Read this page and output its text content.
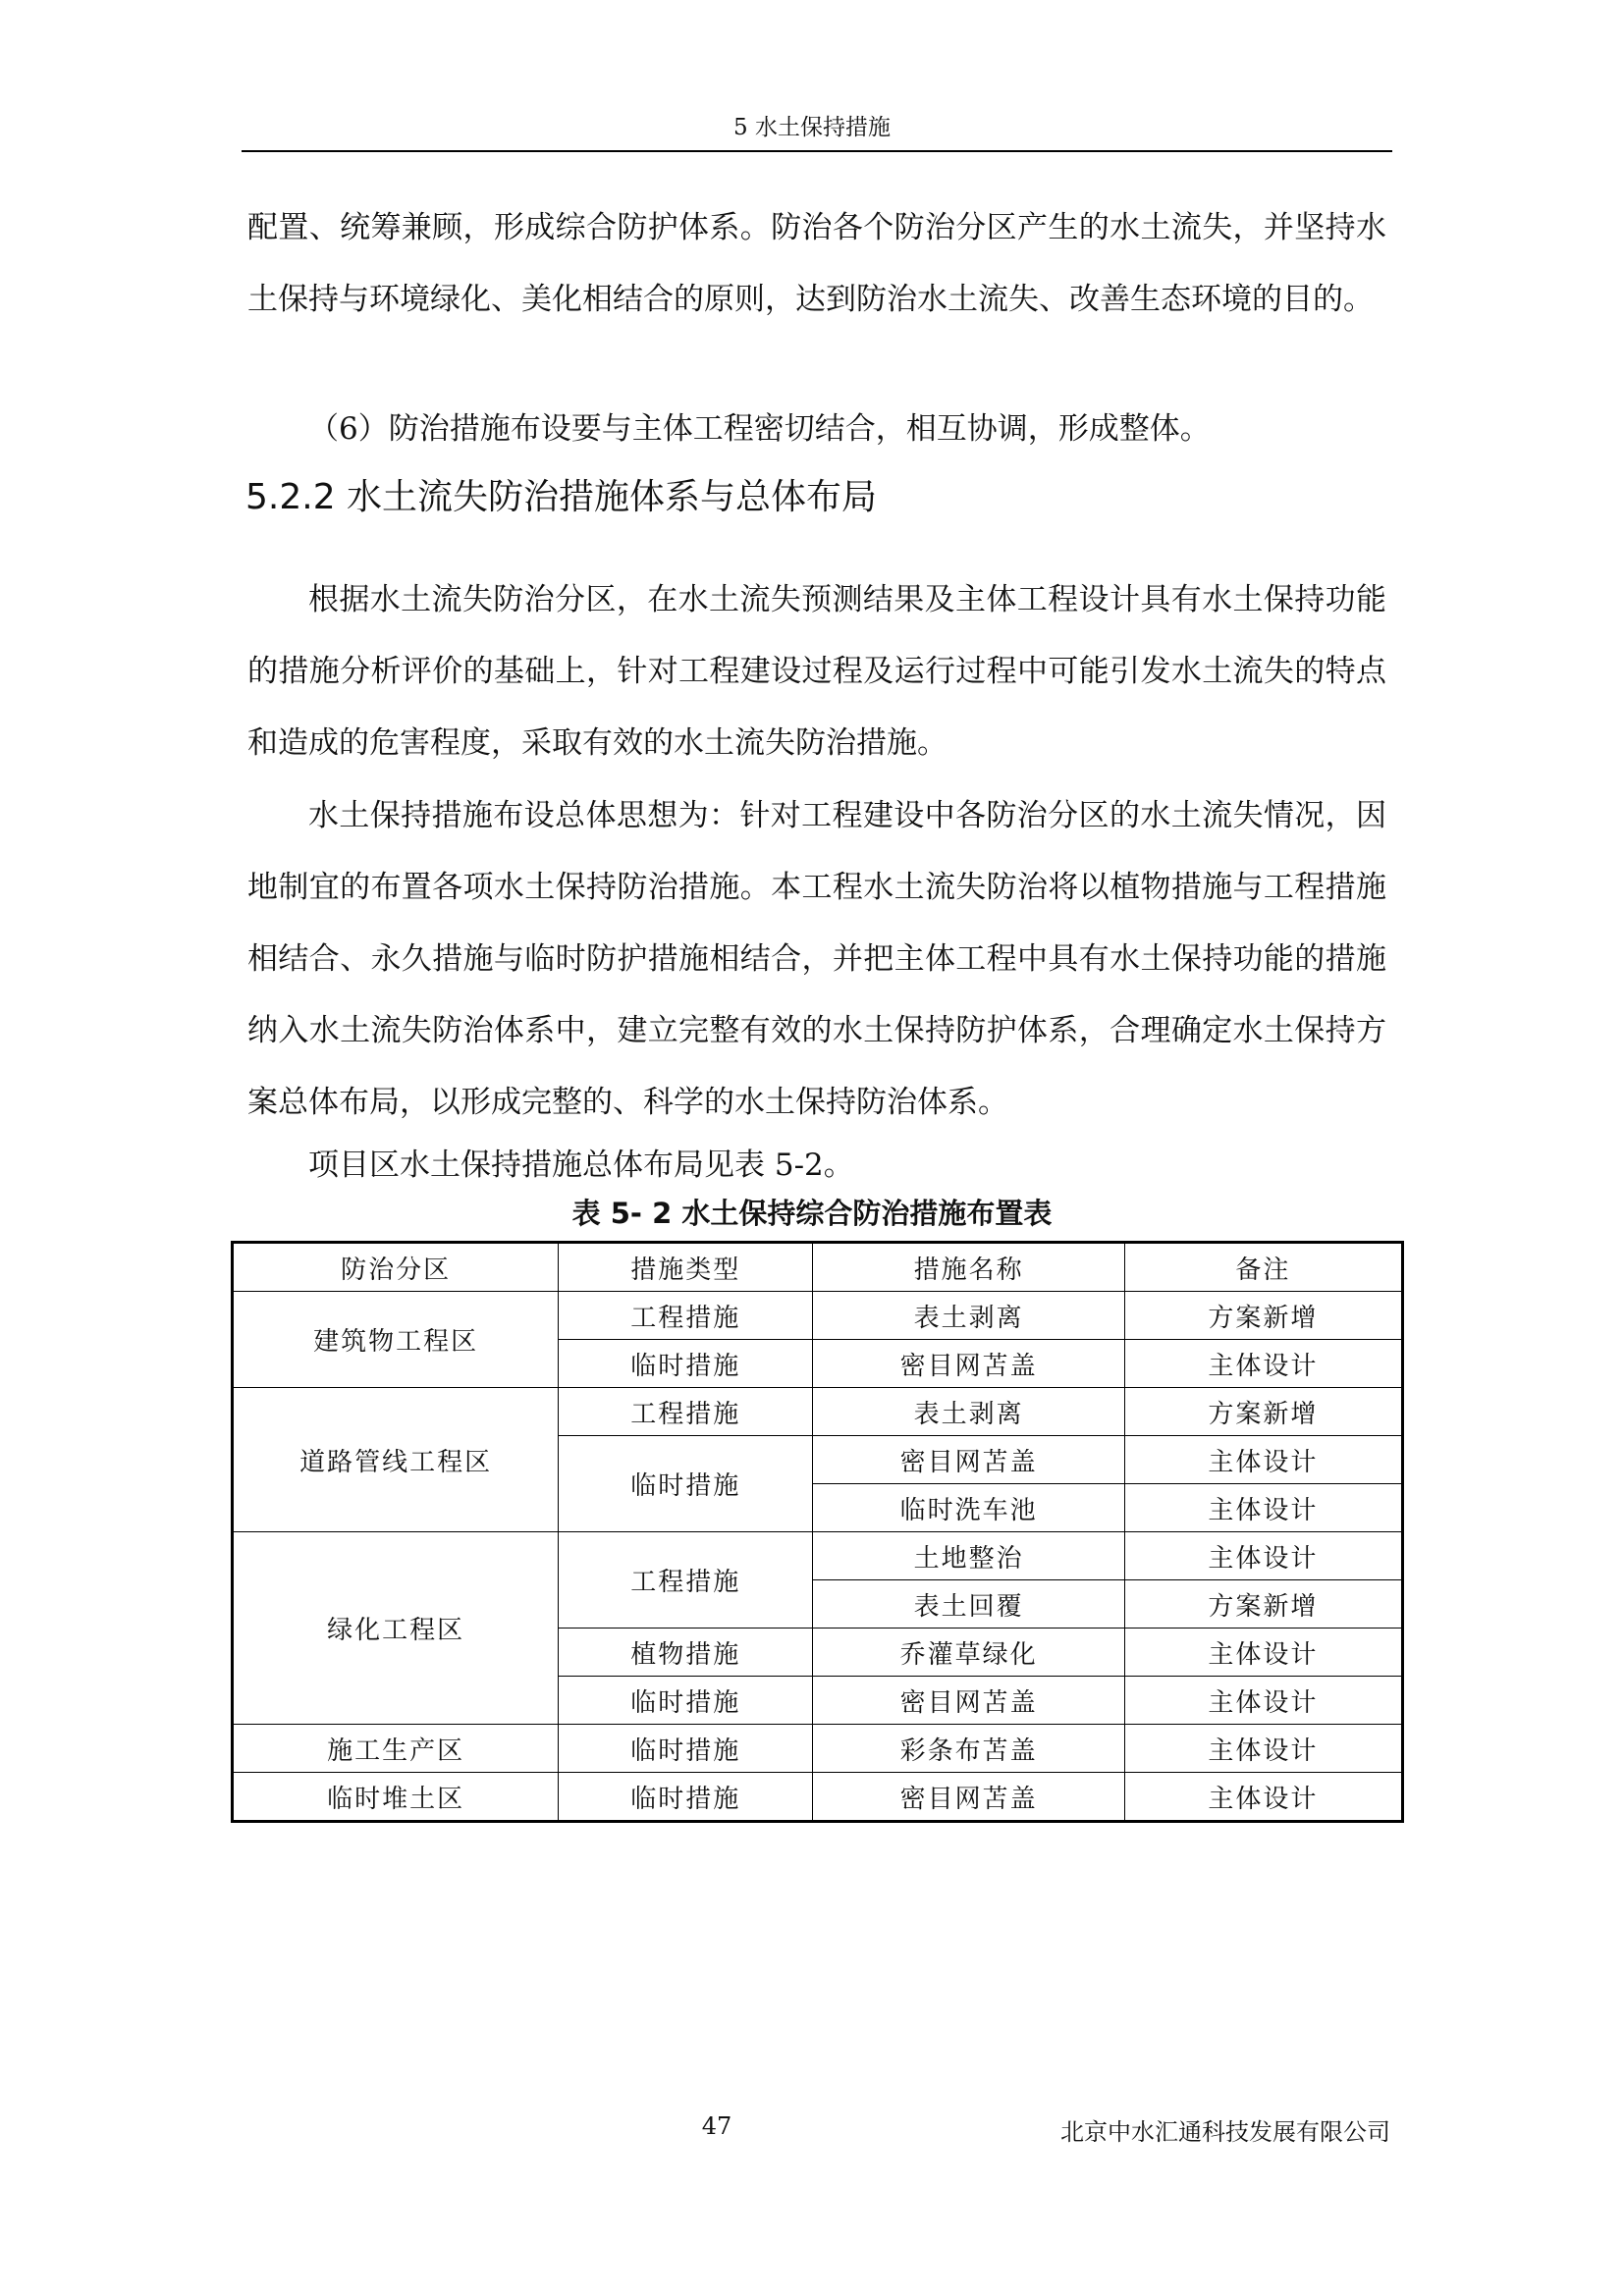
5 水土保持措施

配置、统筹兼顾，形成综合防护体系。防治各个防治分区产生的水土流失，并坚持水土保持与环境绿化、美化相结合的原则，达到防治水土流失、改善生态环境的目的。

（6）防治措施布设要与主体工程密切结合，相互协调，形成整体。

5.2.2 水土流失防治措施体系与总体布局

根据水土流失防治分区，在水土流失预测结果及主体工程设计具有水土保持功能的措施分析评价的基础上，针对工程建设过程及运行过程中可能引发水土流失的特点和造成的危害程度，采取有效的水土流失防治措施。

水土保持措施布设总体思想为：针对工程建设中各防治分区的水土流失情况，因地制宜的布置各项水土保持防治措施。本工程水土流失防治将以植物措施与工程措施相结合、永久措施与临时防护措施相结合，并把主体工程中具有水土保持功能的措施纳入水土流失防治体系中，建立完整有效的水土保持防护体系，合理确定水土保持方案总体布局，以形成完整的、科学的水土保持防治体系。

项目区水土保持措施总体布局见表 5-2。

表 5- 2 水土保持综合防治措施布置表
防治分区	措施类型	措施名称	备注
建筑物工程区	工程措施	表土剥离	方案新增
	临时措施	密目网苫盖	主体设计
道路管线工程区	工程措施	表土剥离	方案新增
	临时措施	密目网苫盖	主体设计
		临时洗车池	主体设计
绿化工程区	工程措施	土地整治	主体设计
		表土回覆	方案新增
	植物措施	乔灌草绿化	主体设计
	临时措施	密目网苫盖	主体设计
施工生产区	临时措施	彩条布苫盖	主体设计
临时堆土区	临时措施	密目网苫盖	主体设计
47	北京中水汇通科技发展有限公司
